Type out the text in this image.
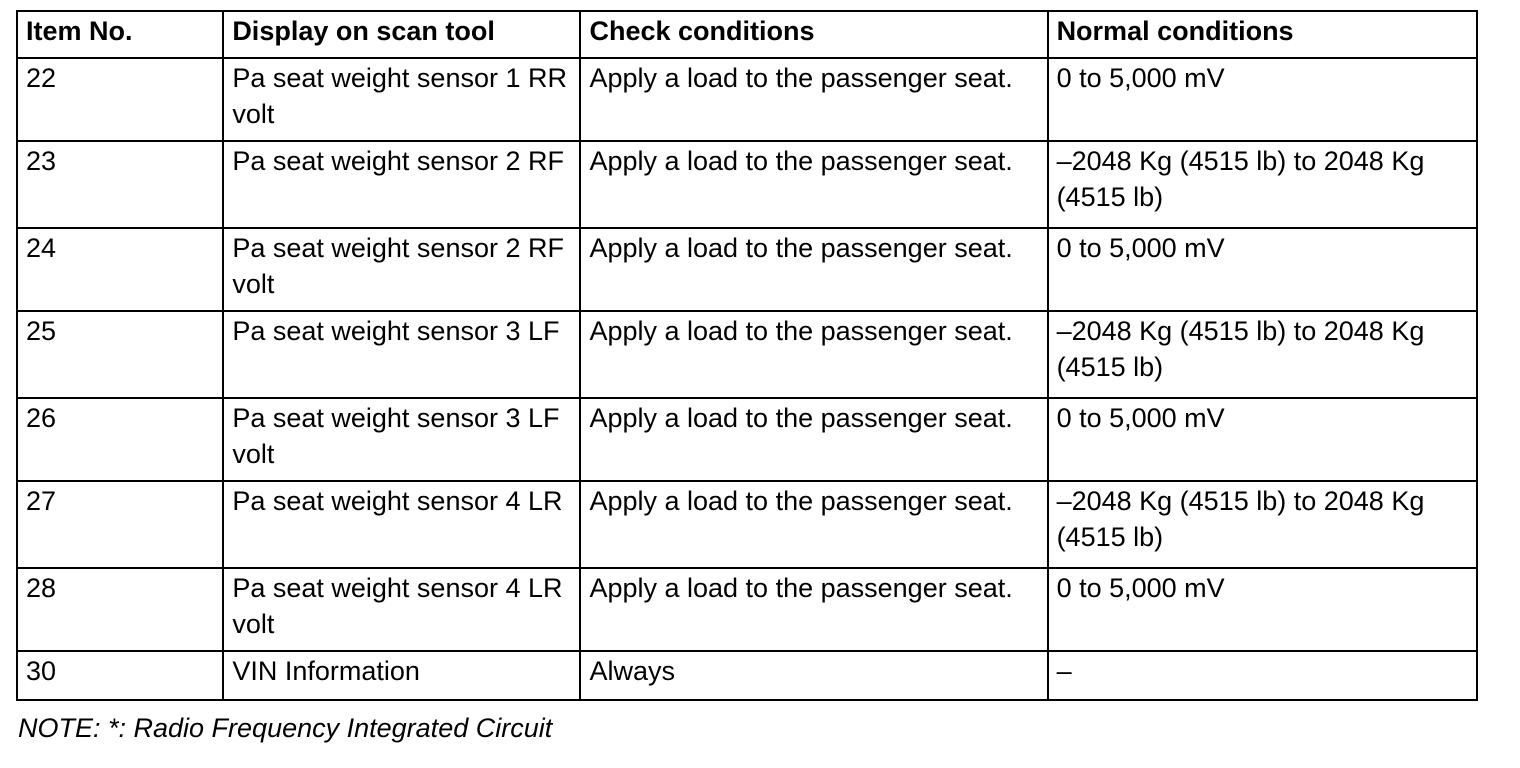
Item No.	Display on scan tool	Check conditions	Normal conditions
22	Pa seat weight sensor 1 RR volt	Apply a load to the passenger seat.	0 to 5,000 mV
23	Pa seat weight sensor 2 RF	Apply a load to the passenger seat.	–2048 Kg (4515 lb) to 2048 Kg (4515 lb)
24	Pa seat weight sensor 2 RF volt	Apply a load to the passenger seat.	0 to 5,000 mV
25	Pa seat weight sensor 3 LF	Apply a load to the passenger seat.	–2048 Kg (4515 lb) to 2048 Kg (4515 lb)
26	Pa seat weight sensor 3 LF volt	Apply a load to the passenger seat.	0 to 5,000 mV
27	Pa seat weight sensor 4 LR	Apply a load to the passenger seat.	–2048 Kg (4515 lb) to 2048 Kg (4515 lb)
28	Pa seat weight sensor 4 LR volt	Apply a load to the passenger seat.	0 to 5,000 mV
30	VIN Information	Always	–
NOTE: *: Radio Frequency Integrated Circuit
